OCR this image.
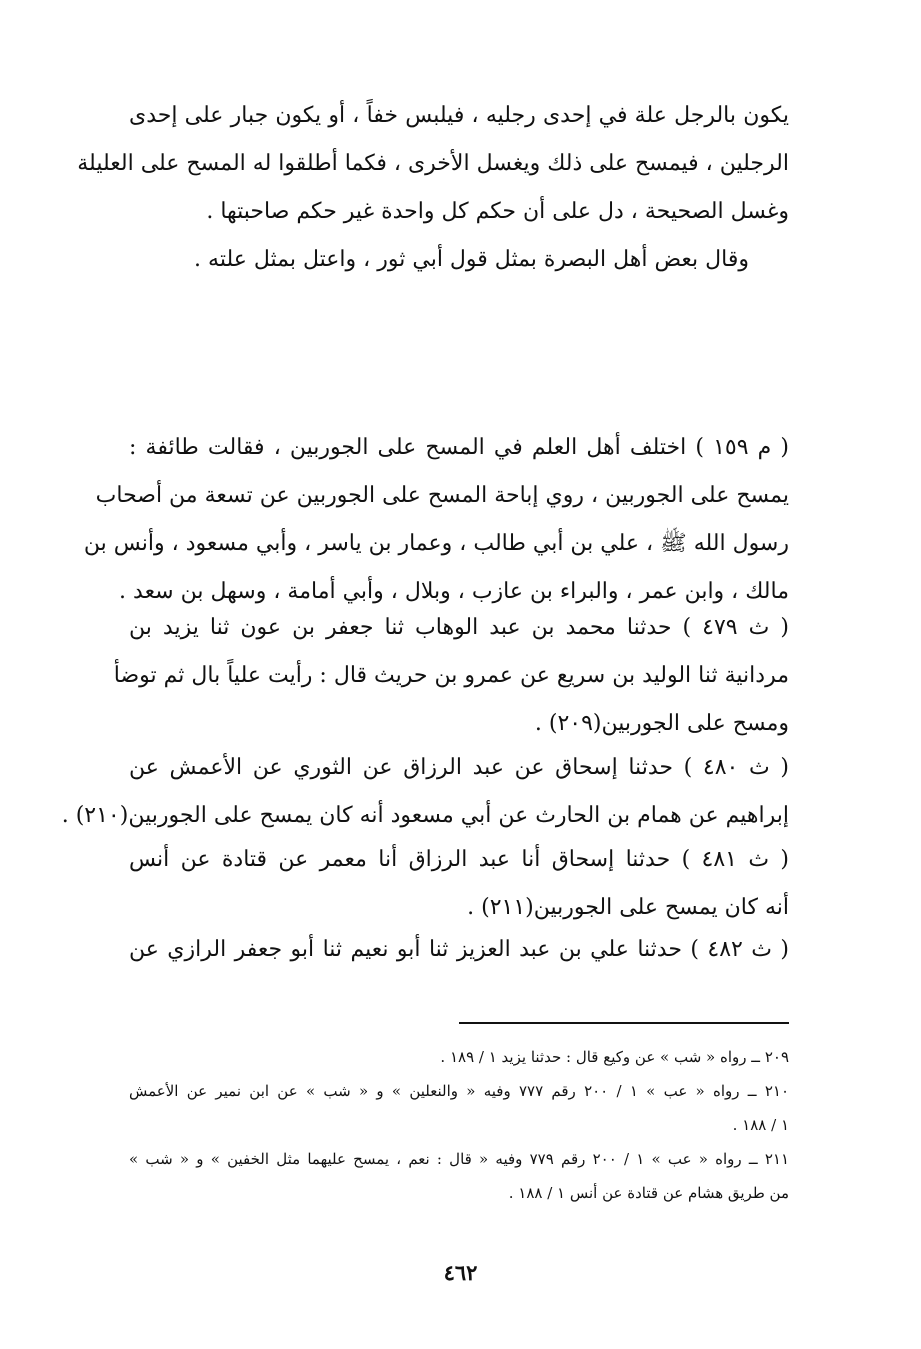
يكون بالرجل علة في إحدى رجليه ، فيلبس خفاً ، أو يكون جبار على إحدى
الرجلين ، فيمسح على ذلك ويغسل الأخرى ، فكما أطلقوا له المسح على العليلة
وغسل الصحيحة ، دل على أن حكم كل واحدة غير حكم صاحبتها .
وقال بعض أهل البصرة بمثل قول أبي ثور ، واعتل بمثل علته .
( م ١٥٩ ) اختلف أهل العلم في المسح على الجوربين ، فقالت طائفة :
يمسح على الجوربين ، روي إباحة المسح على الجوربين عن تسعة من أصحاب
رسول الله ﷺ ، علي بن أبي طالب ، وعمار بن ياسر ، وأبي مسعود ، وأنس بن
مالك ، وابن عمر ، والبراء بن عازب ، وبلال ، وأبي أمامة ، وسهل بن سعد .
( ث ٤٧٩ ) حدثنا محمد بن عبد الوهاب ثنا جعفر بن عون ثنا يزيد بن
مردانية ثنا الوليد بن سريع عن عمرو بن حريث قال : رأيت علياً بال ثم توضأ
ومسح على الجوربين(٢٠٩) .
( ث ٤٨٠ ) حدثنا إسحاق عن عبد الرزاق عن الثوري عن الأعمش عن
إبراهيم عن همام بن الحارث عن أبي مسعود أنه كان يمسح على الجوربين(٢١٠) .
( ث ٤٨١ ) حدثنا إسحاق أنا عبد الرزاق أنا معمر عن قتادة عن أنس
أنه كان يمسح على الجوربين(٢١١) .
( ث ٤٨٢ ) حدثنا علي بن عبد العزيز ثنا أبو نعيم ثنا أبو جعفر الرازي عن
٢٠٩ ــ رواه « شب » عن وكيع قال : حدثنا يزيد ١ / ١٨٩ .
٢١٠ ــ رواه « عب » ١ / ٢٠٠ رقم ٧٧٧ وفيه « والنعلين » و « شب » عن ابن نمير عن الأعمش
١ / ١٨٨ .
٢١١ ــ رواه « عب » ١ / ٢٠٠ رقم ٧٧٩ وفيه « قال : نعم ، يمسح عليهما مثل الخفين » و « شب »
من طريق هشام عن قتادة عن أنس ١ / ١٨٨ .
٤٦٢
